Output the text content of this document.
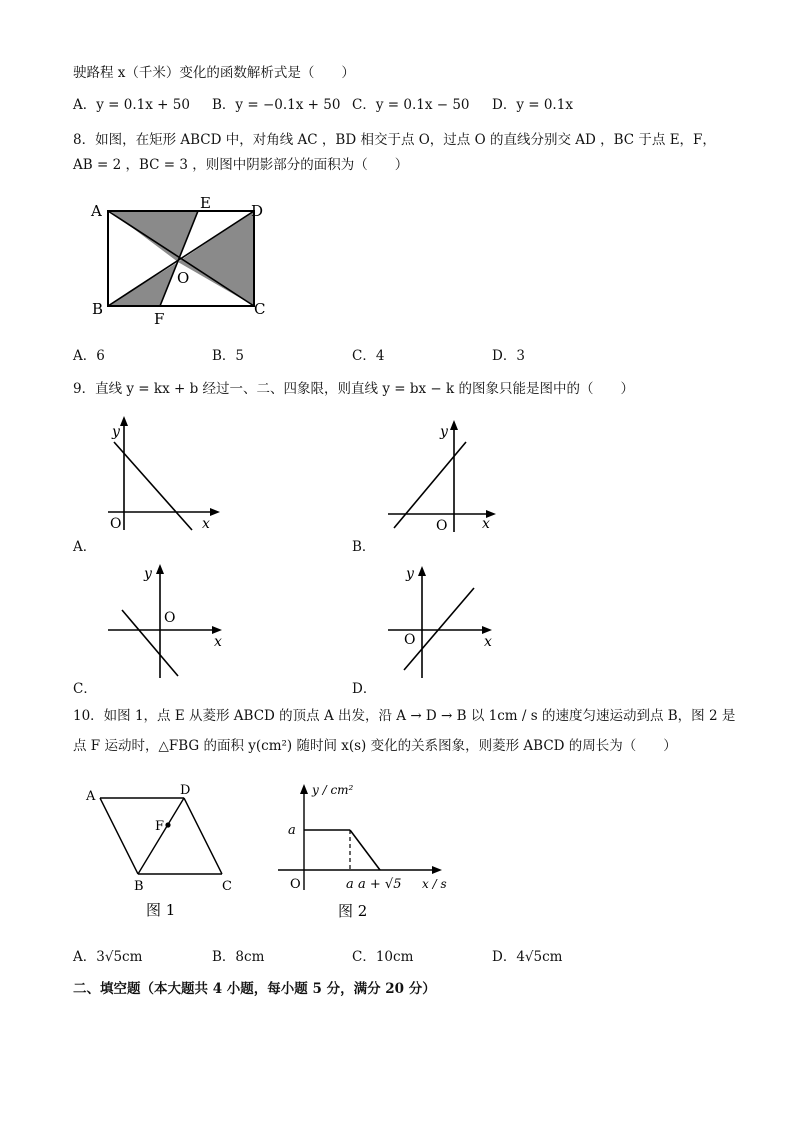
驶路程 x（千米）变化的函数解析式是（　　）
A．y = 0.1x + 50 B．y = −0.1x + 50 C．y = 0.1x − 50 D．y = 0.1x
8．如图，在矩形 ABCD 中，对角线 AC ，BD 相交于点 O，过点 O 的直线分别交 AD ，BC 于点 E，F，
AB = 2 ，BC = 3 ，则图中阴影部分的面积为（　　）
A	E	D
O
B
F
C
A．6	B．5	C．4	D．3
9．直线 y = kx + b 经过一、二、四象限，则直线 y = bx − k 的图象只能是图中的（　　）
y
x
O
A．
y
x
O
B．
y
x
O
C．
y
x
O
D．
10．如图 1，点 E 从菱形 ABCD 的顶点 A 出发，沿 A → D → B 以 1cm / s 的速度匀速运动到点 B，图 2 是
点 F 运动时，△FBG 的面积 y(cm²) 随时间 x(s) 变化的关系图象，则菱形 ABCD 的周长为（　　）
A	D
F
B	C
图 1
y / cm²
a
O	a a + √5 x / s
图 2
A．3√5cm	B．8cm	C．10cm	D．4√5cm
二、填空题（本大题共 4 小题，每小题 5 分，满分 20 分）
